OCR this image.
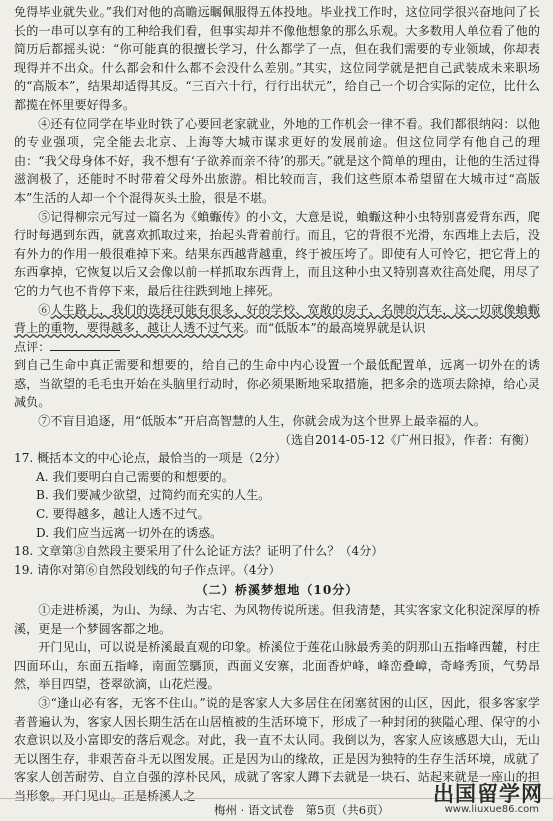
免得毕业就失业。”我们对他的高瞻远瞩佩服得五体投地。毕业找工作时，这位同学很兴奋地问了长长的一串可以享有的工种给我们看，但事实却并不像他想象的那么乐观。大多数用人单位看了他的简历后都摇头说：“你可能真的很擅长学习，什么都学了一点，但在我们需要的专业领域，你却表现得并不出众。什么都会和什么都不会没什么差别。”其实，这位同学就是把自己武装成未来职场的“高版本”，结果却适得其反。“三百六十行，行行出状元”，给自己一个切合实际的定位，比什么都揽在怀里要好得多。

④还有位同学在毕业时铁了心要回老家就业，外地的工作机会一律不看。我们都很纳闷：以他的专业强项，完全能去北京、上海等大城市谋求更好的发展前途。但这位同学有他自己的理由：“我父母身体不好，我不想有‘子欲养而亲不待’的那天。”就是这个简单的理由，让他的生活过得滋润极了，还能时不时带着父母外出旅游。相比较而言，我们这些原本希望留在大城市过“高版本”生活的人却一个个混得灰头土脸，很是不堪。

⑤记得柳宗元写过一篇名为《蝜蝂传》的小文，大意是说，蝜蝂这种小虫特别喜爱背东西，爬行时每遇到东西，就喜欢抓取过来，抬起头背着前行。而且，它的背很不光滑，东西堆上去后，没有外力的作用一般很难掉下来。结果东西越背越重，终于被压垮了。即使有人可怜它，把它背上的东西拿掉，它恢复以后又会像以前一样抓取东西背上，而且这种小虫又特别喜欢往高处爬，用尽了它的力气也不肯停下来，最后往往跌到地上摔死。

⑥人生路上，我们的选择可能有很多，好的学校、宽敞的房子、名牌的汽车，这一切就像蝜蝂背上的重物，要得越多，越让人透不过气来。而“低版本”的最高境界就是认识

点评：

到自己生命中真正需要和想要的，给自己的生命中内心设置一个最低配置单，远离一切外在的诱惑，当欲望的毛毛虫开始在头脑里行动时，你必须果断地采取措施，把多余的选项去除掉，给心灵减负。

⑦不盲目追逐，用“低版本”开启高智慧的人生，你就会成为这个世界上最幸福的人。

（选自2014-05-12《广州日报》，作者：有衡）

17. 概括本文的中心论点，最恰当的一项是（2分）

A. 我们要明白自己需要的和想要的。

B. 我们要减少欲望，过简约而充实的人生。

C. 要得越多，越让人透不过气。

D. 我们应当远离一切外在的诱惑。

18. 文章第③自然段主要采用了什么论证方法？证明了什么？（4分）

19. 请你对第⑥自然段划线的句子作点评。（4分）

（二）桥溪梦想地（10分）

①走进桥溪，为山、为绿、为古宅、为风物传说所迷。但我清楚，其实客家文化积淀深厚的桥溪，更是一个梦圆客都之地。

开门见山，可以说是桥溪最直观的印象。桥溪位于莲花山脉最秀美的阴那山五指峰西麓，村庄四面环山，东面五指峰，南面笠騳顶，西面义安寨，北面香炉峰，峰峦叠嶂，奇峰秀顶，气势昂然，举目四望，苍翠欲滴，山花烂漫。

③“逢山必有客，无客不住山。”说的是客家人大多居住在闭塞贫困的山区，因此，很多客家学者普遍认为，客家人因长期生活在山居植被的生活环境下，形成了一种封闭的狭隘心理、保守的小农意识以及小富即安的落后观念。对此，我一直不太认同。我倒以为，客家人应该感恩大山，无山无以图生存，非艰苦奋斗无以图发展。正是因为山的缘故，正是因为独特的生存生活环境，成就了客家人创苦耐劳、自立自强的淳朴民风，成就了客家人蹲下去就是一块石、站起来就是一座山的担当形象。开门见山。正是桥溪人之

梅州 · 语文试卷　第5页（共6页）
出国留学网
www.liuxue86.com
